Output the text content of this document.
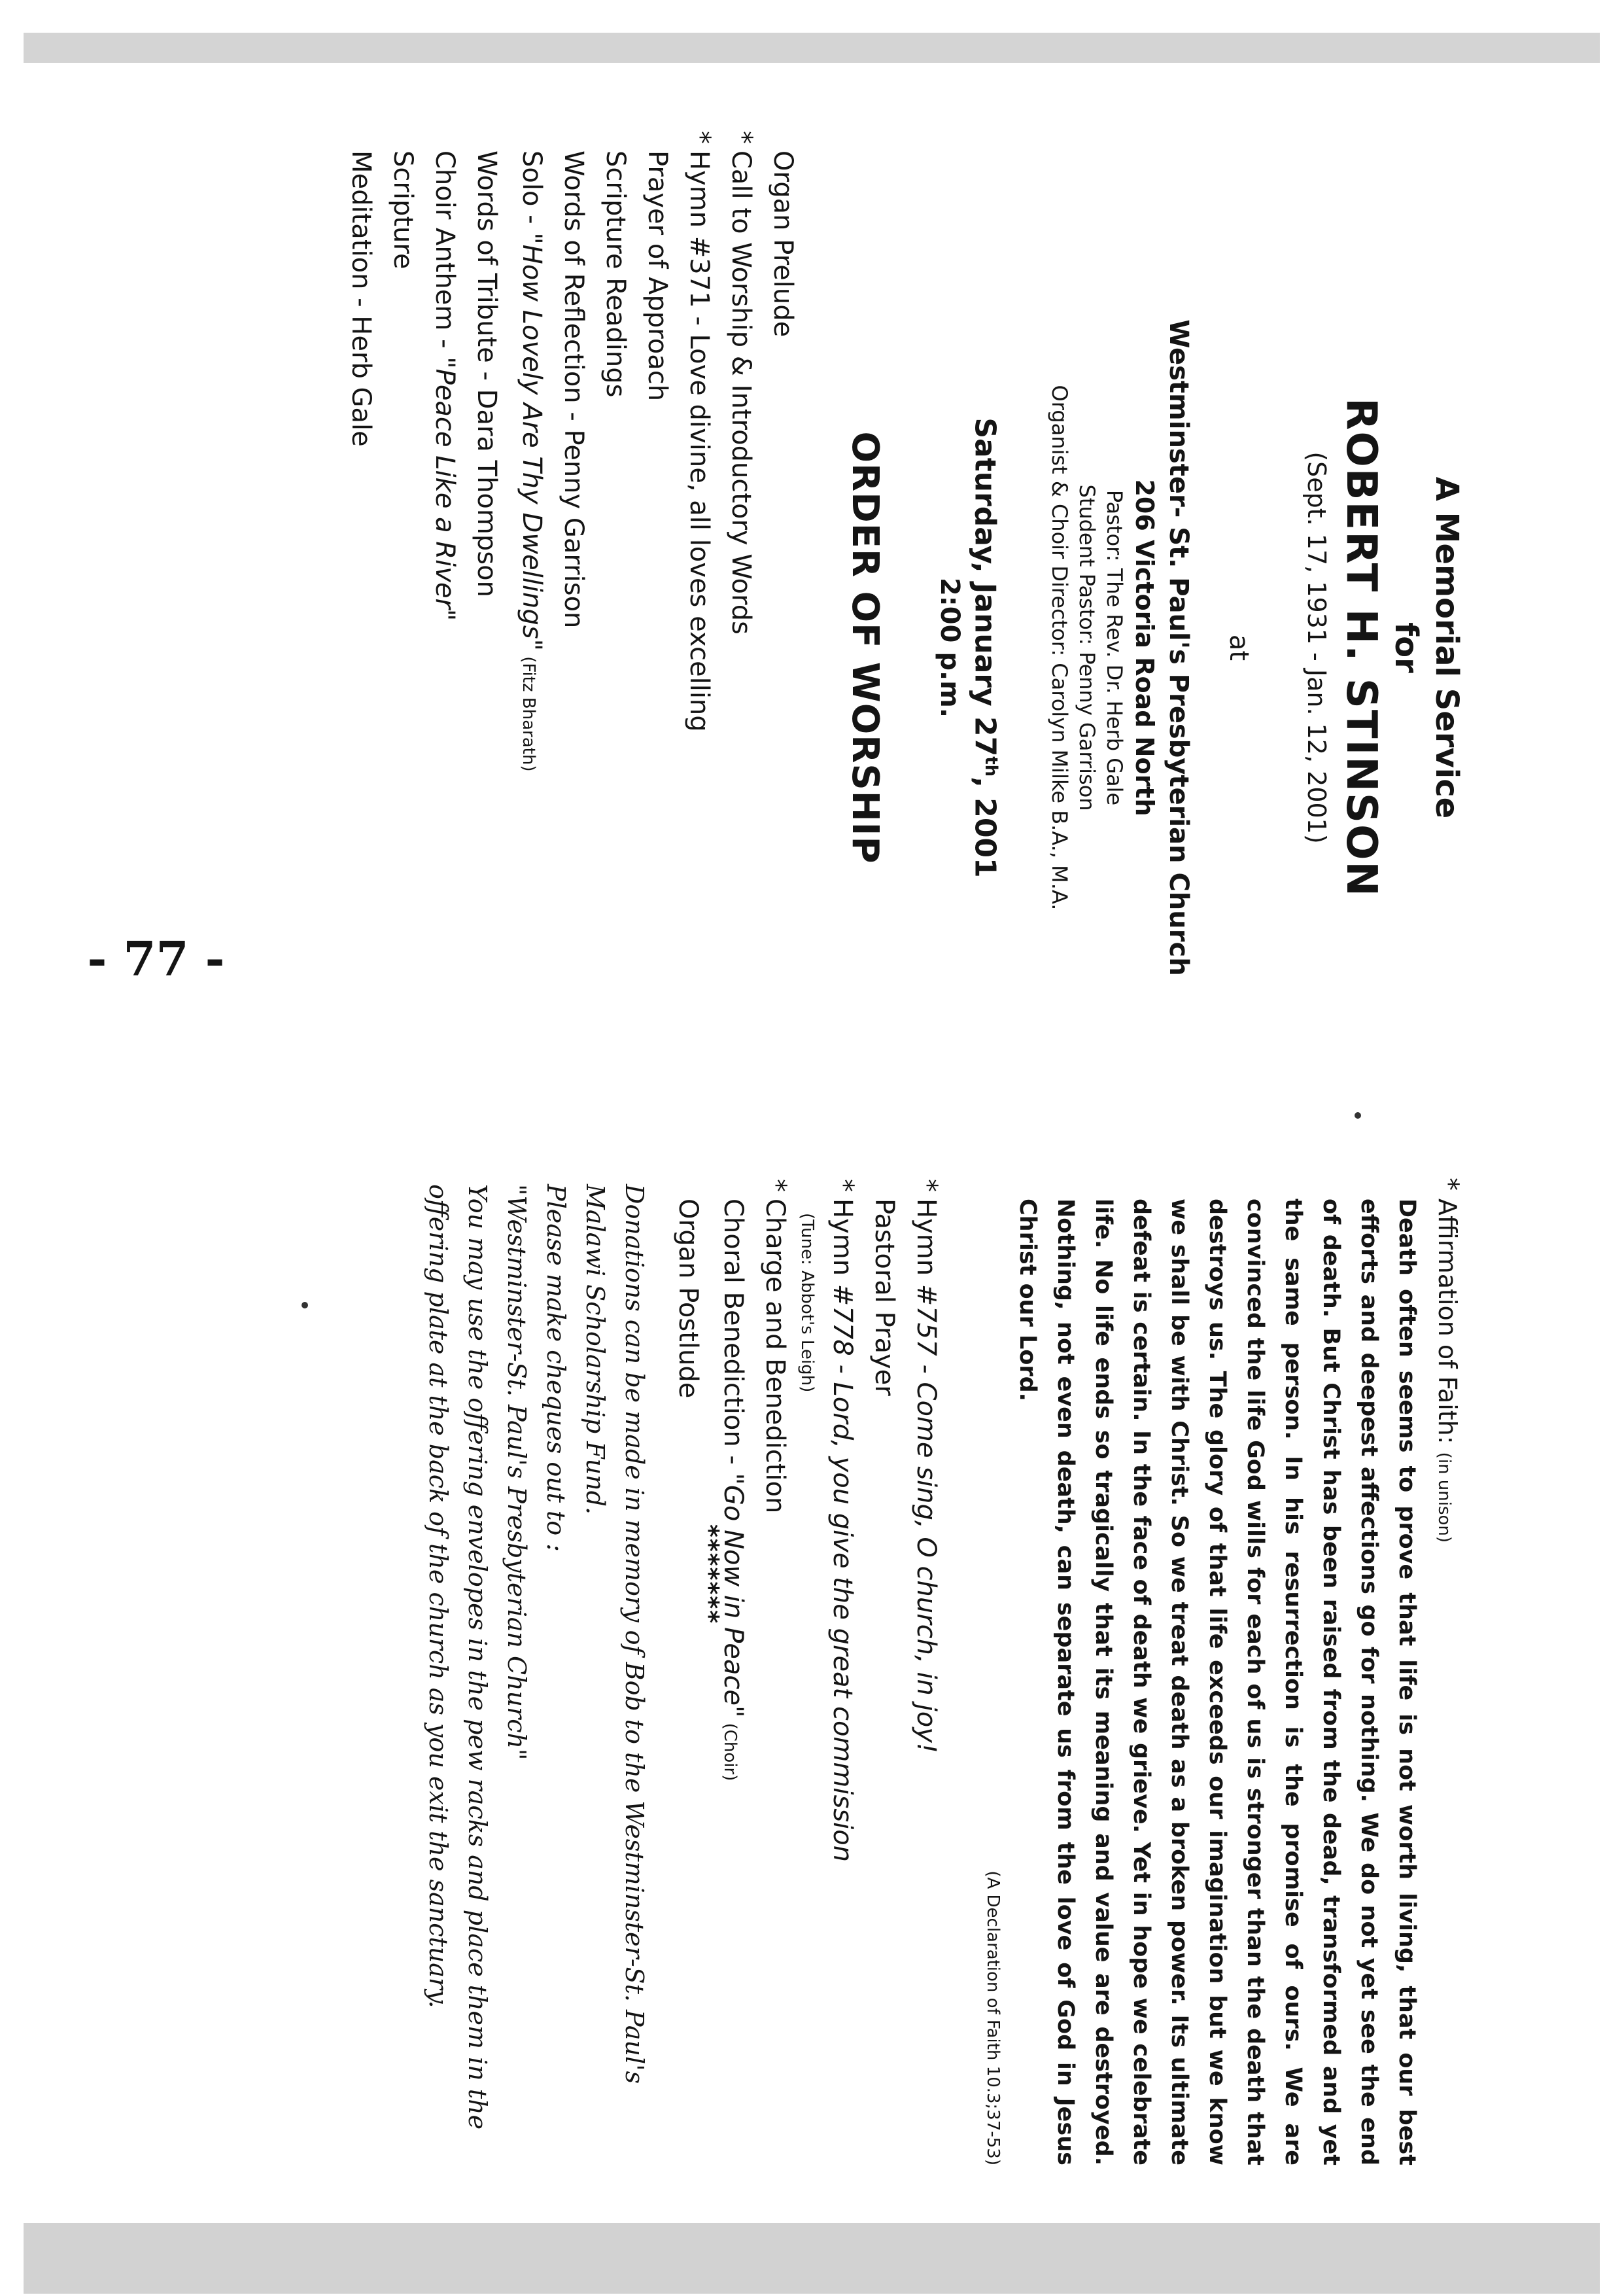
A Memorial Service
for
ROBERT H. STINSON
(Sept. 17, 1931 - Jan. 12, 2001)
at
Westminster- St. Paul's Presbyterian Church
206 Victoria Road North
Pastor: The Rev. Dr. Herb Gale
Student Pastor: Penny Garrison
Organist & Choir Director: Carolyn Milke B.A., M.A.
Saturday, January 27th, 2001
2:00 p.m.
ORDER OF WORSHIP
Organ Prelude
* Call to Worship & Introductory Words
* Hymn #371 - Love divine, all loves excelling
Prayer of Approach
Scripture Readings
Words of Reflection - Penny Garrison
Solo - "How Lovely Are Thy Dwellings" (Fitz Bharath)
Words of Tribute - Dara Thompson
Choir Anthem - "Peace Like a River"
Scripture
Meditation - Herb Gale
* Affirmation of Faith: (in unison)

Death often seems to prove that life is not worth living, that our best efforts and deepest affections go for nothing. We do not yet see the end of death. But Christ has been raised from the dead, transformed and yet the same person. In his resurrection is the promise of ours. We are convinced the life God wills for each of us is stronger than the death that destroys us. The glory of that life exceeds our imagination but we know we shall be with Christ. So we treat death as a broken power. Its ultimate defeat is certain. In the face of death we grieve. Yet in hope we celebrate life. No life ends so tragically that its meaning and value are destroyed. Nothing, not even death, can separate us from the love of God in Jesus Christ our Lord.

(A Declaration of Faith 10.3;37-53)
* Hymn #757 - Come sing, O church, in joy!
Pastoral Prayer
* Hymn #778 - Lord, you give the great commission
(Tune: Abbot's Leigh)
* Charge and Benediction
Choral Benediction - "Go Now in Peace" (Choir)
Organ Postlude
*******

Donations can be made in memory of Bob to the Westminster-St. Paul's Malawi Scholarship Fund.

Please make cheques out to :

"Westminster-St. Paul's Presbyterian Church"

You may use the offering envelopes in the pew racks and place them in the offering plate at the back of the church as you exit the sanctuary.

- 77 -
